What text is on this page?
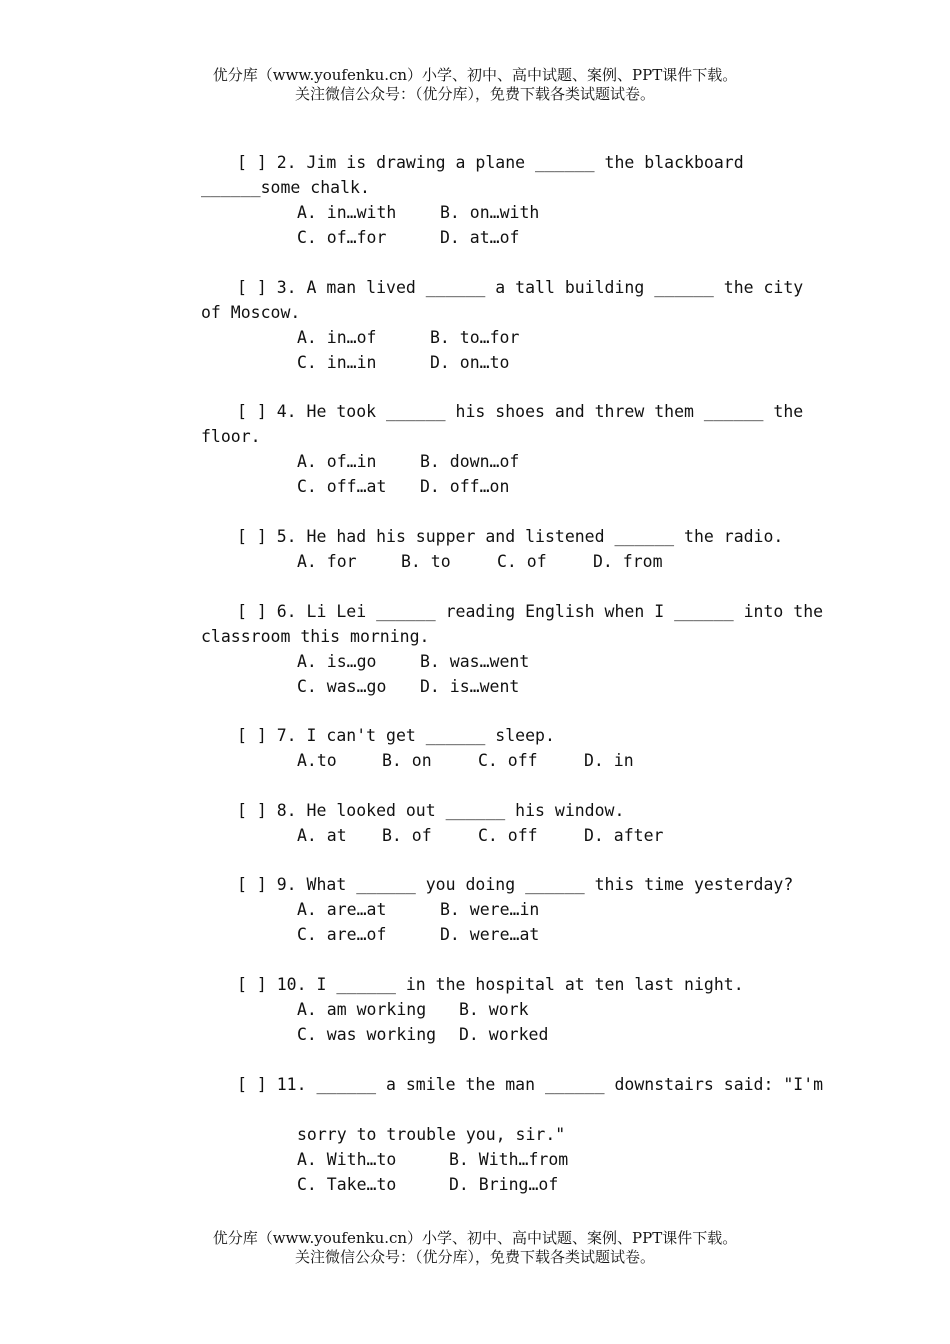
优分库（www.youfenku.cn）小学、初中、高中试题、案例、PPT课件下载。
关注微信公众号：（优分库），免费下载各类试题试卷。

[ ] 2. Jim is drawing a plane ______ the blackboard

______some chalk.

A. in…with

	B. on…with

C. of…for

	D. at…of

[ ] 3. A man lived ______ a tall building ______ the city

of Moscow.

A. in…of

	B. to…for

C. in…in

	D. on…to

[ ] 4. He took ______ his shoes and threw them ______ the

floor.

A. of…in

	B. down…of

C. off…at

D. off…on

[ ] 5. He had his supper and listened ______ the radio.

A. for

	B. to

	C. of

	D. from

[ ] 6. Li Lei ______ reading English when I ______ into the

classroom this morning.

A. is…go

	B. was…went

C. was…go

D. is…went

[ ] 7. I can't get ______ sleep.

A.to

	B. on

	C. off

	D. in

[ ] 8. He looked out ______ his window.

A. at

B. of

	C. off

	D. after

[ ] 9. What ______ you doing ______ this time yesterday?

A. are…at

	B. were…in

C. are…of

	D. were…at

[ ] 10. I ______ in the hospital at ten last night.

A. am working

B. work

C. was working

D. worked

[ ] 11. ______ a smile the man ______ downstairs said: "I'm

sorry to trouble you, sir."

A. With…to

	B. With…from

C. Take…to

	D. Bring…of

优分库（www.youfenku.cn）小学、初中、高中试题、案例、PPT课件下载。
关注微信公众号：（优分库），免费下载各类试题试卷。
